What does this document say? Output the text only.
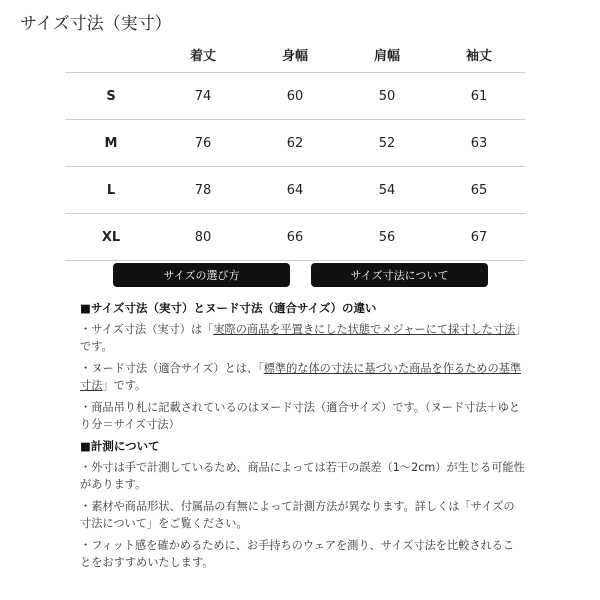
サイズ寸法（実寸）
	着丈	身幅	肩幅	袖丈
S	74	60	50	61
M	76	62	52	63
L	78	64	54	65
XL	80	66	56	67
サイズの選び方	サイズ寸法について
■サイズ寸法（実寸）とヌード寸法（適合サイズ）の違い

・サイズ寸法（実寸）は「実際の商品を平置きにした状態でメジャーにて採寸した寸法」です。

・ヌード寸法（適合サイズ）とは、「標準的な体の寸法に基づいた商品を作るための基準寸法」です。

・商品吊り札に記載されているのはヌード寸法（適合サイズ）です。（ヌード寸法＋ゆとり分＝サイズ寸法）

■計測について

・外寸は手で計測しているため、商品によっては若干の誤差（1〜2cm）が生じる可能性があります。

・素材や商品形状、付属品の有無によって計測方法が異なります。詳しくは「サイズの寸法について」をご覧ください。

・フィット感を確かめるために、お手持ちのウェアを測り、サイズ寸法を比較されることをおすすめいたします。
